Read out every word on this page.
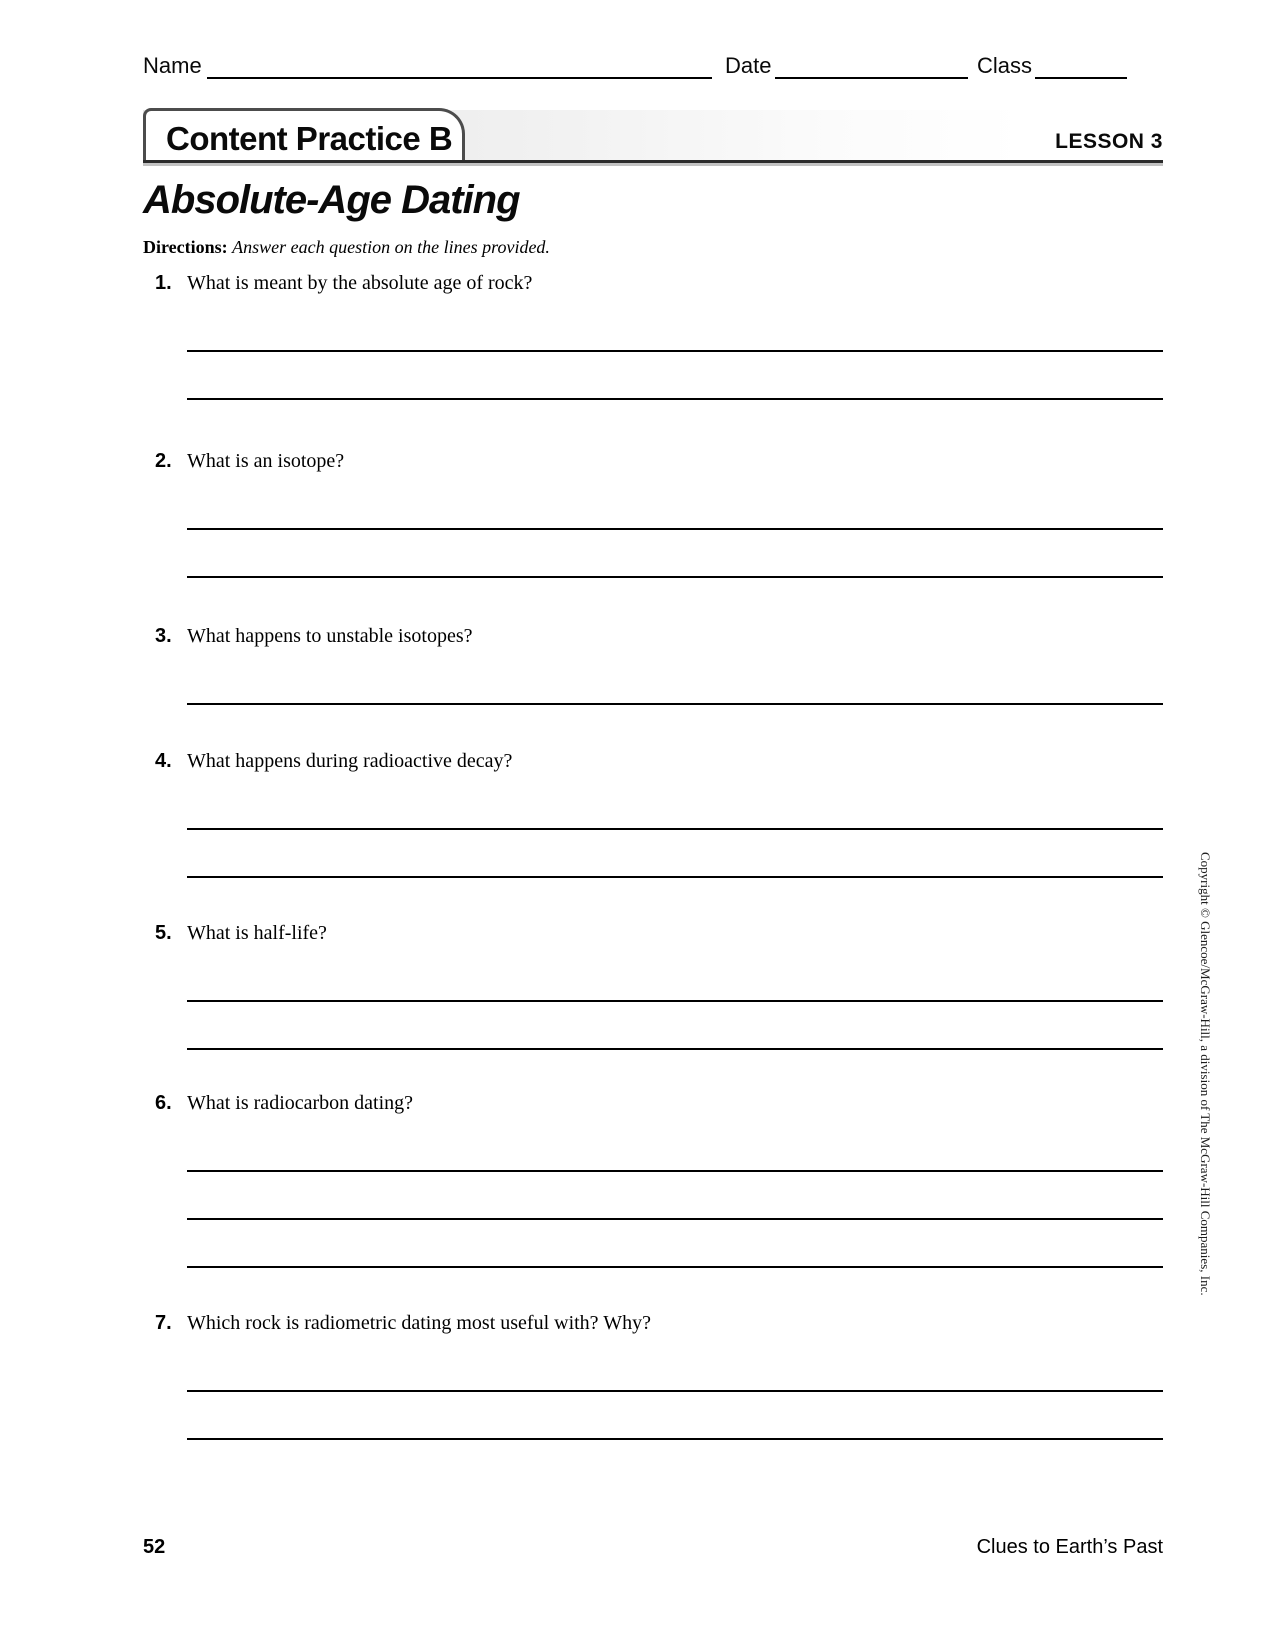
Name	Date	Class
Content Practice B	LESSON 3
Absolute-Age Dating
Directions: Answer each question on the lines provided.
1. What is meant by the absolute age of rock?
2. What is an isotope?
3. What happens to unstable isotopes?
4. What happens during radioactive decay?
5. What is half-life?
6. What is radiocarbon dating?
7. Which rock is radiometric dating most useful with? Why?
Copyright © Glencoe/McGraw-Hill, a division of The McGraw-Hill Companies, Inc.
52	Clues to Earth’s Past
